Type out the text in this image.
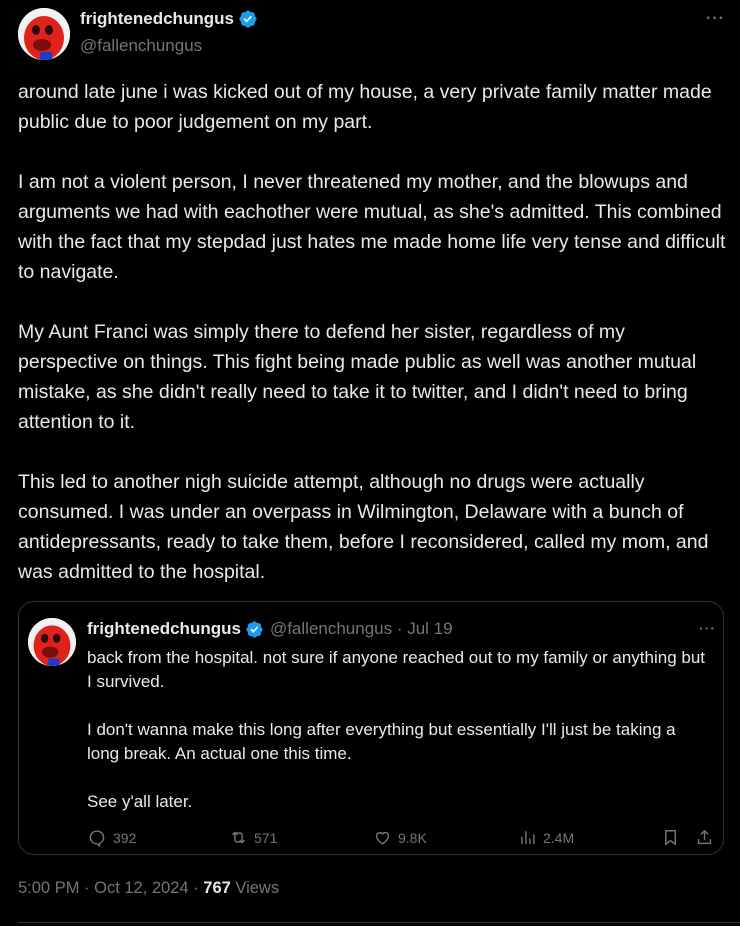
frightenedchungus
@fallenchungus
···

around late june i was kicked out of my house, a very private family matter made public due to poor judgement on my part.

I am not a violent person, I never threatened my mother, and the blowups and arguments we had with eachother were mutual, as she's admitted. This combined with the fact that my stepdad just hates me made home life very tense and difficult to navigate.

My Aunt Franci was simply there to defend her sister, regardless of my perspective on things. This fight being made public as well was another mutual mistake, as she didn't really need to take it to twitter, and I didn't need to bring attention to it.

This led to another nigh suicide attempt, although no drugs were actually consumed. I was under an overpass in Wilmington, Delaware with a bunch of antidepressants, ready to take them, before I reconsidered, called my mom, and was admitted to the hospital.

frightenedchungus @fallenchungus · Jul 19	···

back from the hospital. not sure if anyone reached out to my family or anything but I survived.

I don't wanna make this long after everything but essentially I'll just be taking a long break. An actual one this time.

See y'all later.

392	571	9.8K	2.4M
5:00 PM · Oct 12, 2024 · 767 Views
